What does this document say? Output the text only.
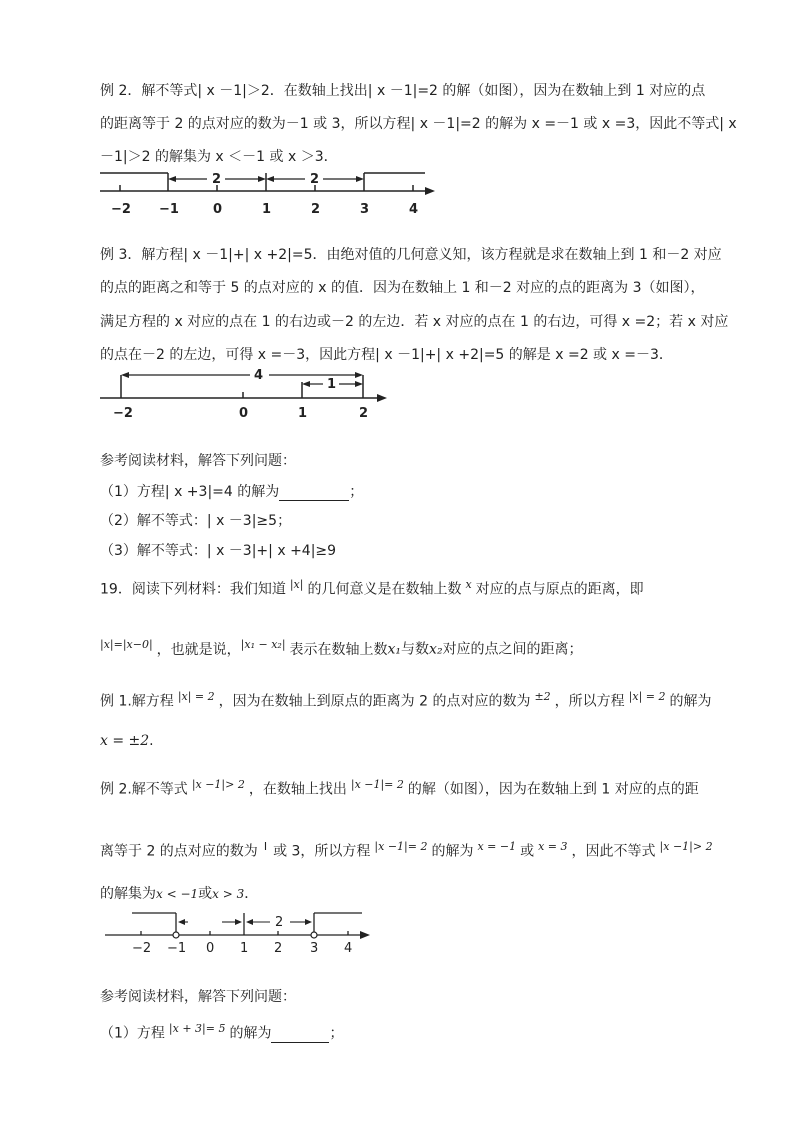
例 2．解不等式| x －1|＞2．在数轴上找出| x －1|=2 的解（如图），因为在数轴上到 1 对应的点
的距离等于 2 的点对应的数为－1 或 3，所以方程| x －1|=2 的解为 x =－1 或 x =3，因此不等式| x
－1|＞2 的解集为 x ＜－1 或 x ＞3．
2	2
−2 −1	0	1	2	3	4
例 3．解方程| x －1|+| x +2|=5．由绝对值的几何意义知，该方程就是求在数轴上到 1 和－2 对应
的点的距离之和等于 5 的点对应的 x 的值．因为在数轴上 1 和－2 对应的点的距离为 3（如图），
满足方程的 x 对应的点在 1 的右边或－2 的左边．若 x 对应的点在 1 的右边，可得 x =2；若 x 对应
的点在－2 的左边，可得 x =－3，因此方程| x －1|+| x +2|=5 的解是 x =2 或 x =－3．
4
1
−2	0	1	2
参考阅读材料，解答下列问题：
（1）方程| x +3|=4 的解为	；
（2）解不等式：| x －3|≥5；
（3）解不等式：| x －3|+| x +4|≥9
19．阅读下列材料：我们知道 $^{|x|}$ 的几何意义是在数轴上数 $^x$ 对应的点与原点的距离，即
$^{|x|=|x-0|}$ ，也就是说，$^{|x_1 - x_2|}$ 表示在数轴上数x₁与数x₂对应的点之间的距离；
例 1.解方程 $^{|x| = 2}$ ，因为在数轴上到原点的距离为 2 的点对应的数为 $^{\pm 2}$ ，所以方程 $^{|x| = 2}$ 的解为
x = ±2.
例 2.解不等式 $^{|x -1|> 2}$ ，在数轴上找出 $^{|x -1|= 2}$ 的解（如图），因为在数轴上到 1 对应的点的距
离等于 2 的点对应的数为 $^I$ 或 3，所以方程 $^{|x -1|= 2}$ 的解为 $^{x = -1}$ 或 $^{x = 3}$ ，因此不等式 $^{|x -1|> 2}$
的解集为x < −1或x > 3．
2
−2 −1 0 1 2 3 4
参考阅读材料，解答下列问题：
（1）方程 $^{|x + 3|= 5}$ 的解为	；
